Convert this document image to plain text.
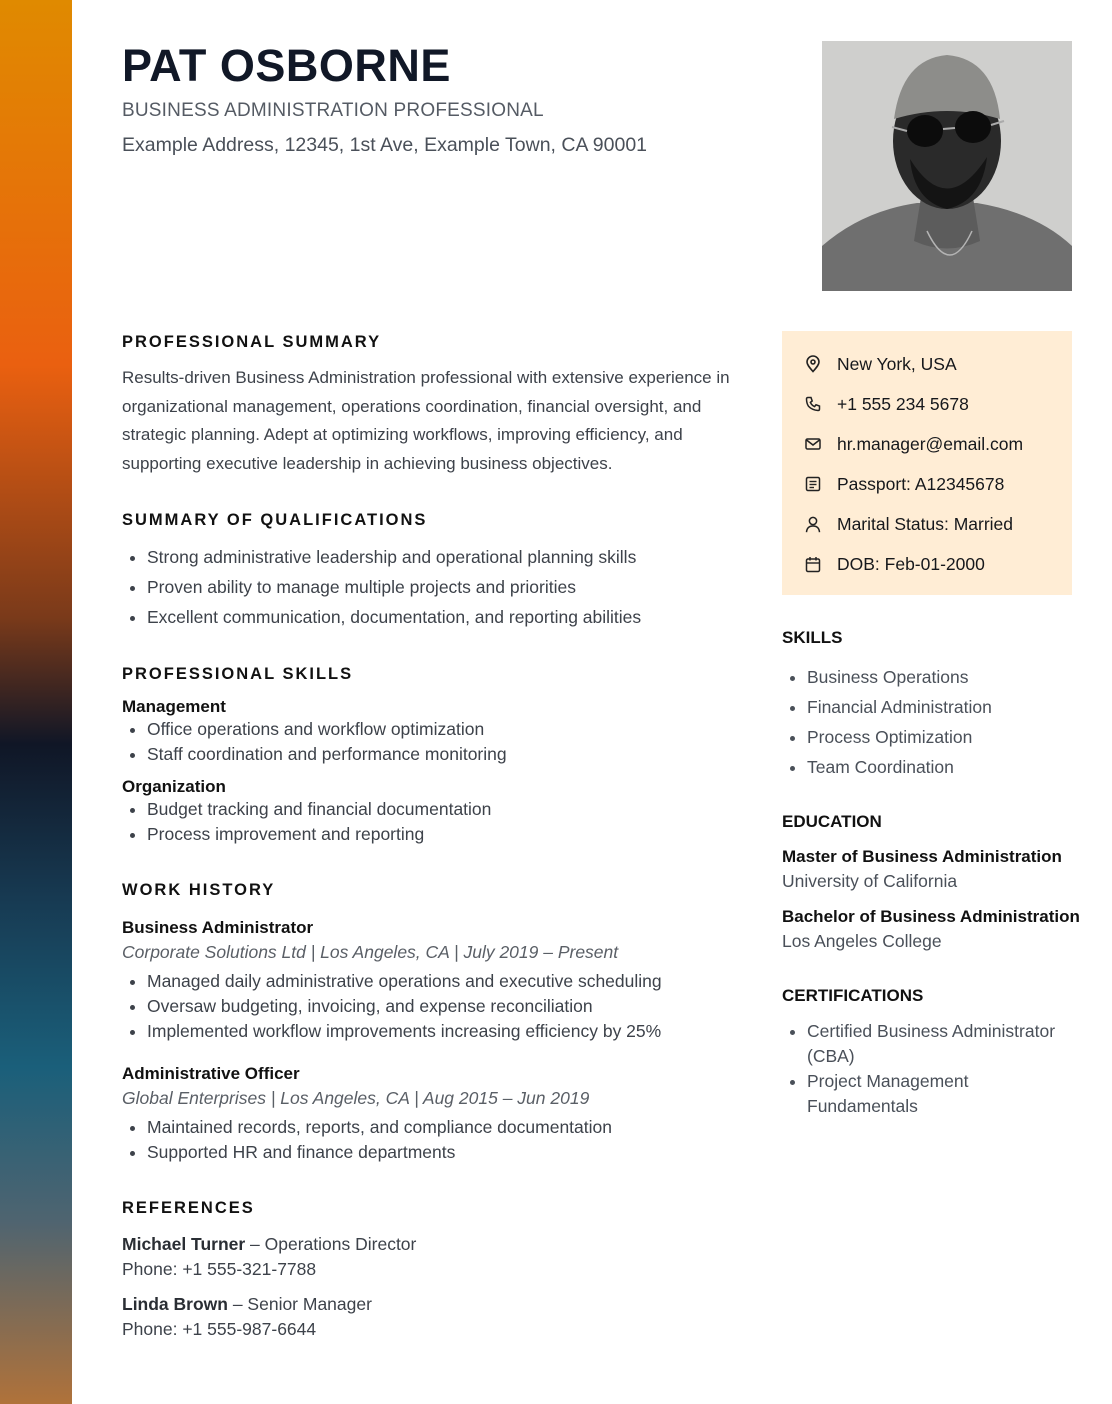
PAT OSBORNE
BUSINESS ADMINISTRATION PROFESSIONAL
Example Address, 12345, 1st Ave, Example Town, CA 90001
PROFESSIONAL SUMMARY
Results-driven Business Administration professional with extensive experience in organizational management, operations coordination, financial oversight, and strategic planning. Adept at optimizing workflows, improving efficiency, and supporting executive leadership in achieving business objectives.
SUMMARY OF QUALIFICATIONS
• Strong administrative leadership and operational planning skills
• Proven ability to manage multiple projects and priorities
• Excellent communication, documentation, and reporting abilities
PROFESSIONAL SKILLS
Management
• Office operations and workflow optimization
• Staff coordination and performance monitoring
Organization
• Budget tracking and financial documentation
• Process improvement and reporting
WORK HISTORY
Business Administrator
Corporate Solutions Ltd | Los Angeles, CA | July 2019 – Present
• Managed daily administrative operations and executive scheduling
• Oversaw budgeting, invoicing, and expense reconciliation
• Implemented workflow improvements increasing efficiency by 25%
Administrative Officer
Global Enterprises | Los Angeles, CA | Aug 2015 – Jun 2019
• Maintained records, reports, and compliance documentation
• Supported HR and finance departments
REFERENCES
Michael Turner – Operations Director
Phone: +1 555-321-7788
Linda Brown – Senior Manager
Phone: +1 555-987-6644
New York, USA
+1 555 234 5678
hr.manager@email.com
Passport: A12345678
Marital Status: Married
DOB: Feb-01-2000
SKILLS
• Business Operations
• Financial Administration
• Process Optimization
• Team Coordination
EDUCATION
Master of Business Administration
University of California
Bachelor of Business Administration
Los Angeles College
CERTIFICATIONS
• Certified Business Administrator (CBA)
• Project Management Fundamentals
